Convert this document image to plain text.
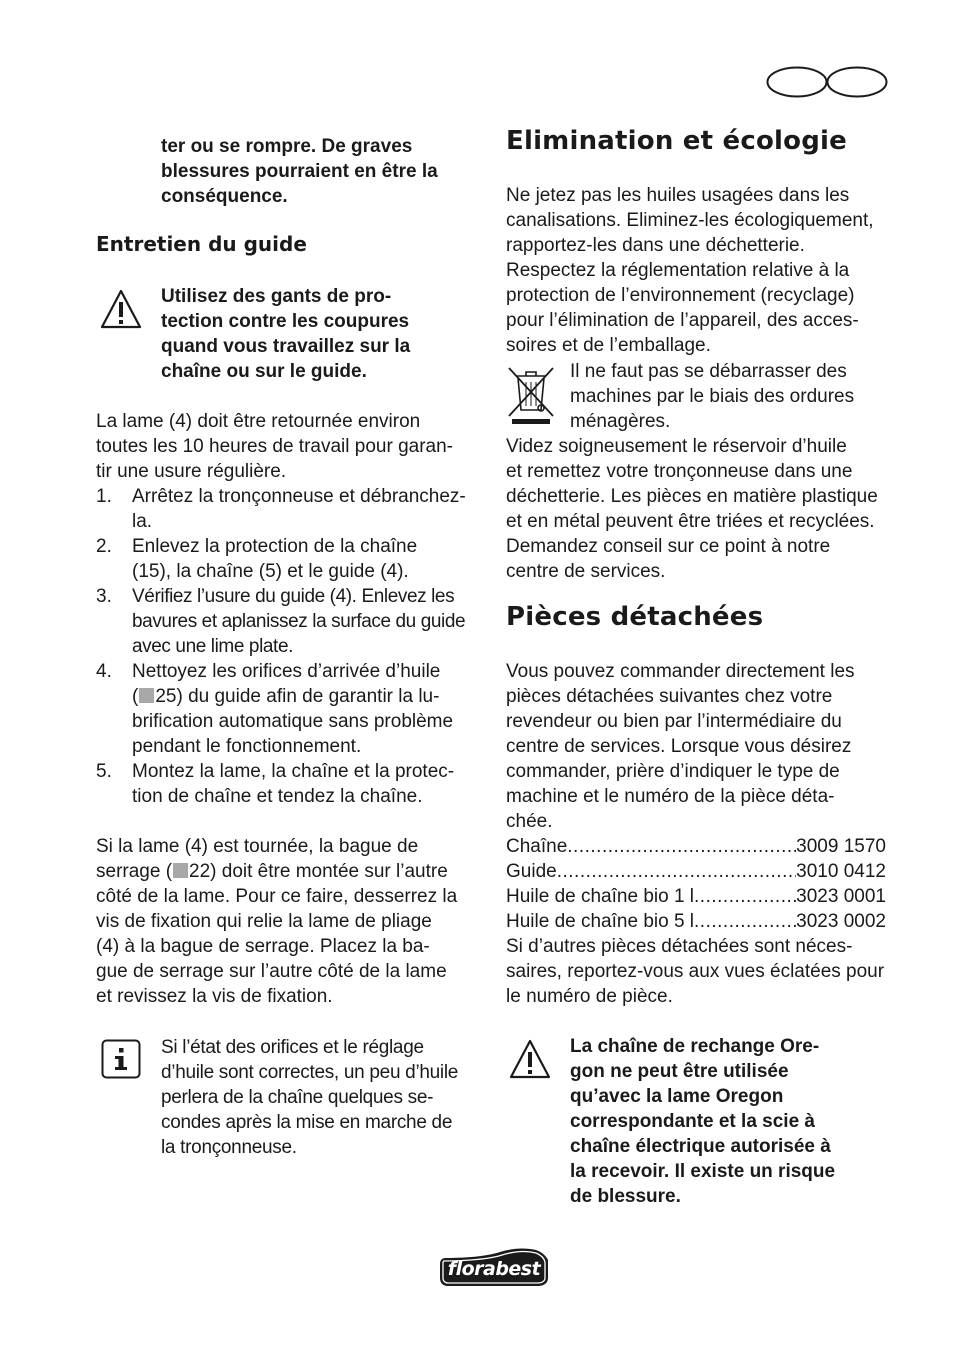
ter ou se rompre. De graves

blessures pourraient en être la

conséquence.

Entretien du guide

Utilisez des gants de pro-

tection contre les coupures

quand vous travaillez sur la

chaîne ou sur le guide.

La lame (4) doit être retournée environ

toutes les 10 heures de travail pour garan-

tir une usure régulière.

1. Arrêtez la tronçonneuse et débranchez-

la.

2. Enlevez la protection de la chaîne

(15), la chaîne (5) et le guide (4).

3. Vérifiez l’usure du guide (4). Enlevez les

bavures et aplanissez la surface du guide

avec une lime plate.

4. Nettoyez les orifices d’arrivée d’huile

( 25) du guide afin de garantir la lu-

brification automatique sans problème

pendant le fonctionnement.

5. Montez la lame, la chaîne et la protec-

tion de chaîne et tendez la chaîne.

Si la lame (4) est tournée, la bague de

serrage ( 22) doit être montée sur l’autre

côté de la lame. Pour ce faire, desserrez la

vis de fixation qui relie la lame de pliage

(4) à la bague de serrage. Placez la ba-

gue de serrage sur l’autre côté de la lame

et revissez la vis de fixation.

Si l’état des orifices et le réglage

d’huile sont correctes, un peu d’huile

perlera de la chaîne quelques se-

condes après la mise en marche de

la tronçonneuse.

Elimination et écologie

Ne jetez pas les huiles usagées dans les

canalisations. Eliminez-les écologiquement,

rapportez-les dans une déchetterie.

Respectez la réglementation relative à la

protection de l’environnement (recyclage)

pour l’élimination de l’appareil, des acces-

soires et de l’emballage.

Il ne faut pas se débarrasser des

machines par le biais des ordures

ménagères.

Videz soigneusement le réservoir d’huile

et remettez votre tronçonneuse dans une

déchetterie. Les pièces en matière plastique

et en métal peuvent être triées et recyclées.

Demandez conseil sur ce point à notre

centre de services.

Pièces détachées

Vous pouvez commander directement les

pièces détachées suivantes chez votre

revendeur ou bien par l’intermédiaire du

centre de services. Lorsque vous désirez

commander, prière d’indiquer le type de

machine et le numéro de la pièce déta-

chée.

Chaîne .....	3009 1570
Guide .....	3010 0412
Huile de chaîne bio 1 l .....	3023 0001
Huile de chaîne bio 5 l .....	3023 0002

Si d’autres pièces détachées sont néces-

saires, reportez-vous aux vues éclatées pour

le numéro de pièce.

La chaîne de rechange Ore-

gon ne peut être utilisée

qu’avec la lame Oregon

correspondante et la scie à

chaîne électrique autorisée à

la recevoir. Il existe un risque

de blessure.

florabest
